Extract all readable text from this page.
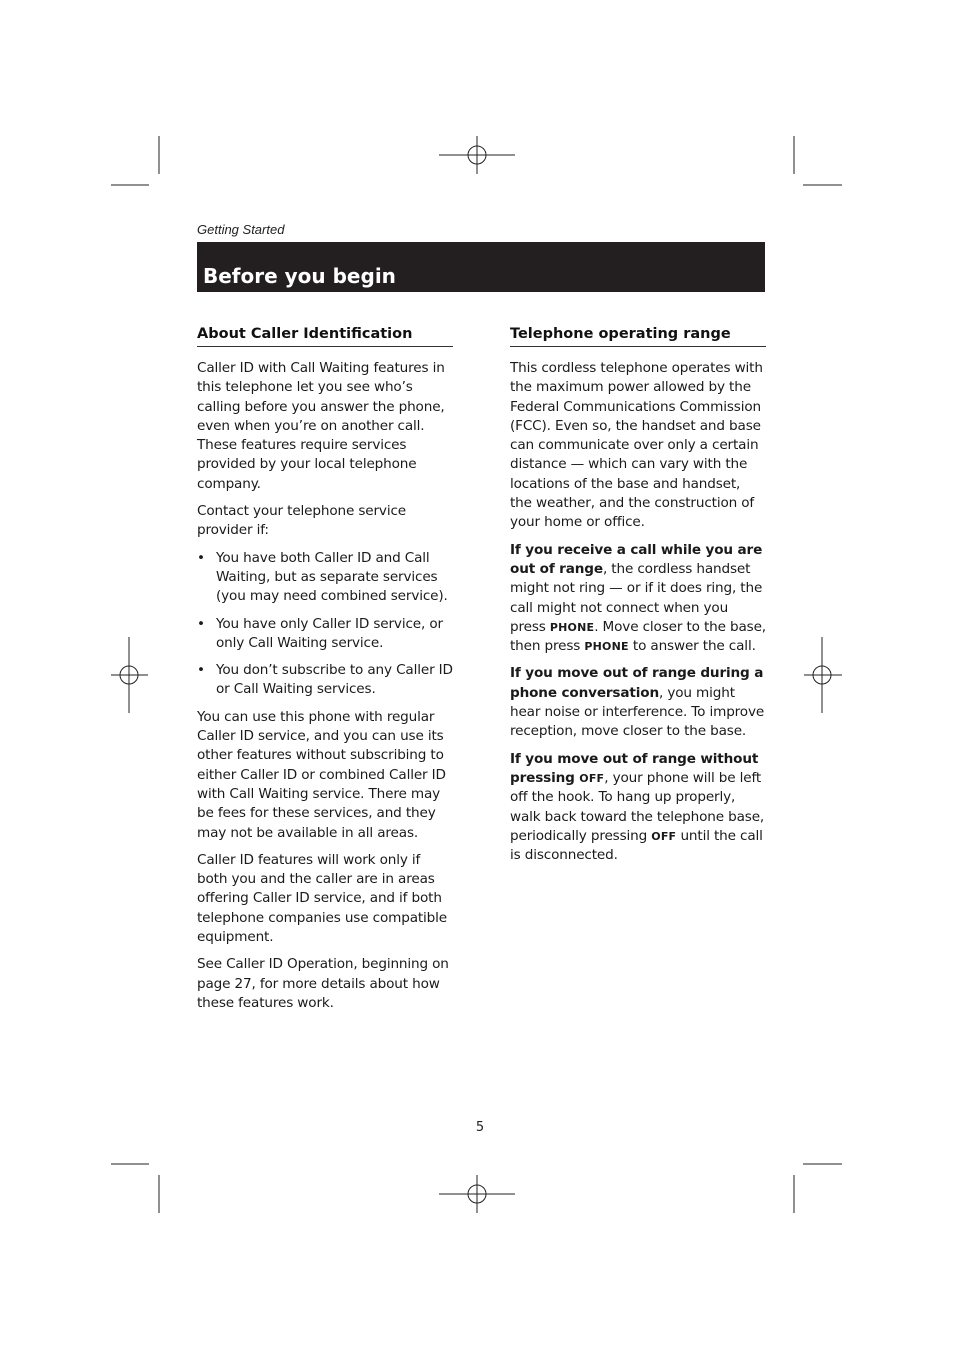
Getting Started
Before you begin
About Caller Identification

Caller ID with Call Waiting features in this telephone let you see who’s calling before you answer the phone, even when you’re on another call. These features require services provided by your local telephone company.

Contact your telephone service provider if:

• You have both Caller ID and Call Waiting, but as separate services (you may need combined service).
• You have only Caller ID service, or only Call Waiting service.
• You don’t subscribe to any Caller ID or Call Waiting services.

You can use this phone with regular Caller ID service, and you can use its other features without subscribing to either Caller ID or combined Caller ID with Call Waiting service. There may be fees for these services, and they may not be available in all areas.

Caller ID features will work only if both you and the caller are in areas offering Caller ID service, and if both telephone companies use compatible equipment.

See Caller ID Operation, beginning on page 27, for more details about how these features work.

Telephone operating range

This cordless telephone operates with the maximum power allowed by the Federal Communications Commission (FCC). Even so, the handset and base can communicate over only a certain distance — which can vary with the locations of the base and handset, the weather, and the construction of your home or office.

If you receive a call while you are out of range, the cordless handset might not ring — or if it does ring, the call might not connect when you press PHONE. Move closer to the base, then press PHONE to answer the call.

If you move out of range during a phone conversation, you might hear noise or interference. To improve reception, move closer to the base.

If you move out of range without pressing OFF, your phone will be left off the hook. To hang up properly, walk back toward the telephone base, periodically pressing OFF until the call is disconnected.

5
